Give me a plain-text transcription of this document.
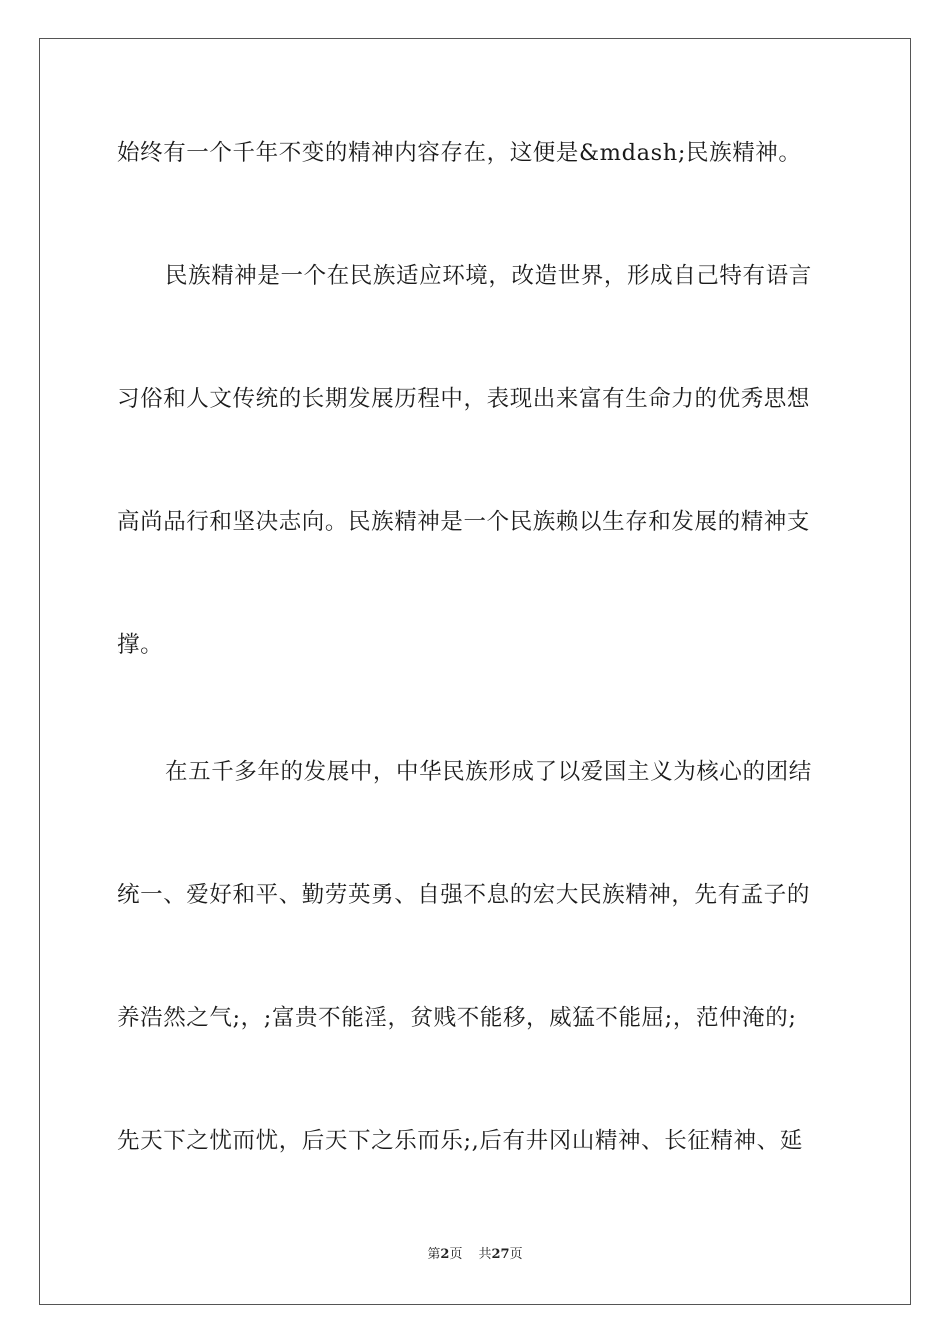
始终有一个千年不变的精神内容存在，这便是&mdash;民族精神。
民族精神是一个在民族适应环境，改造世界，形成自己特有语言
习俗和人文传统的长期发展历程中，表现出来富有生命力的优秀思想
高尚品行和坚决志向。民族精神是一个民族赖以生存和发展的精神支
撑。
在五千多年的发展中，中华民族形成了以爱国主义为核心的团结
统一、爱好和平、勤劳英勇、自强不息的宏大民族精神，先有孟子的
养浩然之气;，;富贵不能淫，贫贱不能移，威猛不能屈;，范仲淹的;
先天下之忧而忧，后天下之乐而乐;,后有井冈山精神、长征精神、延
第2页 共27页
